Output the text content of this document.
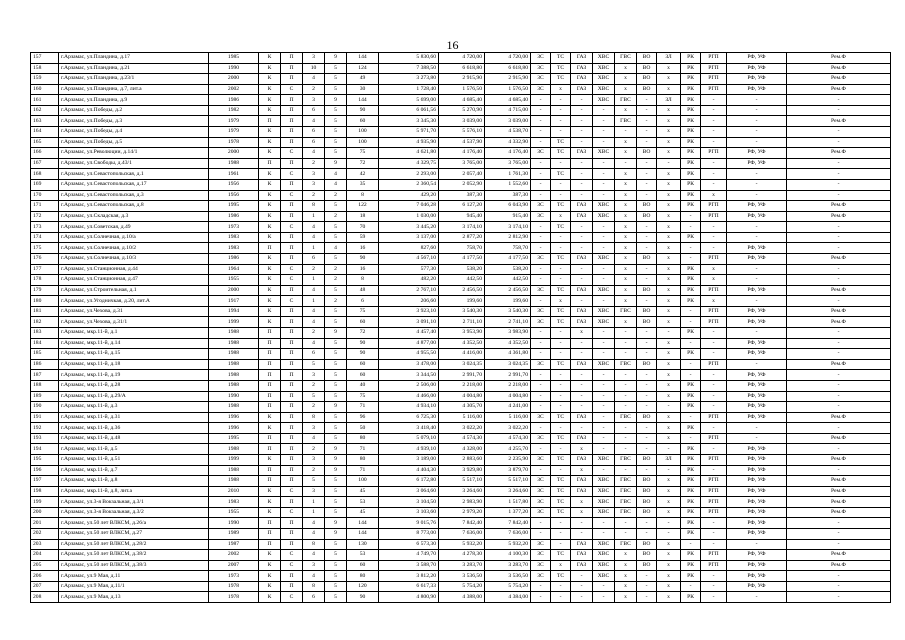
16
157	г.Арзамас, ул.Пландина, д.17	1985	К	П	3	9	144	5 830,60	4 720,00	4 720,00	ЗС	ТС	ГАЗ	ХВС	ГВС	ВО	ЗЛ	РК	РГП	РФ, УФ	Рем.Ф
158	г.Арзамас, ул.Пландина, д.21	1990	К	П	10	5	124	7 388,50	6 618,80	6 618,80	ЗС	ТС	ГАЗ	ХВС	х	ВО	х	РК	РГП	РФ, УФ	Рем.Ф
159	г.Арзамас, ул.Пландина, д.23/1	2000	К	П	4	5	49	3 273,80	2 915,90	2 915,90	ЗС	ТС	ГАЗ	ХВС	х	ВО	х	РК	РГП	РФ, УФ	Рем.Ф
160	г.Арзамас, ул.Пландина, д.7, лит.а	2002	К	С	2	5	30	1 728,40	1 576,50	1 576,50	ЗС	х	ГАЗ	ХВС	х	ВО	х	РК	РГП	РФ, УФ	Рем.Ф
161	г.Арзамас, ул.Пландина, д.9	1986	К	П	3	9	144	5 699,00	4 685,40	4 685,40	-	-	-	ХВС	ГВС	-	ЗЛ	РК	-	-	-
162	г.Арзамас, ул.Победы, д.2	1982	К	П	6	5	90	6 061,56	5 270,90	4 715,00	-	-	-	-	х	-	х	РК	-	-	-
163	г.Арзамас, ул.Победы, д.3	1979	П	П	4	5	60	3 345,30	3 039,00	3 039,00	-	-	-	-	ГВС	-	х	РК	-	-	Рем.Ф
164	г.Арзамас, ул.Победы, д.4	1979	К	П	6	5	100	5 971,70	5 576,10	4 538,70	-	-	-	-	-	-	х	РК	-	-	-
165	г.Арзамас, ул.Победы, д.5	1978	К	П	6	5	100	4 935,90	4 537,90	4 332,90	-	ТС	-	-	х	-	х	РК	-	-	-
166	г.Арзамас, ул.Революции, д.14/1	2000	К	С	4	5	75	4 621,80	4 176,40	4 176,40	ЗС	ТС	ГАЗ	ХВС	х	ВО	х	РК	РГП	РФ, УФ	Рем.Ф
167	г.Арзамас, ул.Свободы, д.43/1	1988	П	П	2	9	72	4 329,75	3 765,00	3 765,00	-	-	-	-	-	-	-	РК	-	РФ, УФ	-
168	г.Арзамас, ул.Севастопольская, д.1	1961	К	С	3	4	42	2 293,00	2 057,40	1 761,30	-	ТС	-	-	х	-	х	РК	-	-	-
169	г.Арзамас, ул.Севастопольская, д.17	1956	К	П	3	4	35	2 360,54	2 052,90	1 552,60	-	-	-	-	х	-	х	РК	-	-	-
170	г.Арзамас, ул.Севастопольская, д.3	1956	К	С	2	2	8	429,20	387,30	387,30	-	-	-	-	х	-	х	РК	х	-	-
171	г.Арзамас, ул.Севастопольская, д.8	1995	К	П	8	5	122	7 046,28	6 127,20	6 043,90	ЗС	ТС	ГАЗ	ХВС	х	ВО	х	РК	РГП	РФ, УФ	Рем.Ф
172	г.Арзамас, ул.Складская, д.3	1986	К	П	1	2	18	1 030,00	945,40	915,40	ЗС	х	ГАЗ	ХВС	х	ВО	х	-	РГП	РФ, УФ	Рем.Ф
173	г.Арзамас, ул.Советская, д.49	1973	К	С	4	5	70	3 445,20	3 174,10	3 174,10	-	ТС	-	-	х	-	х	-	-	-	-
174	г.Арзамас, ул.Солнечная, д.10/а	1983	К	П	4	5	59	3 137,00	2 877,20	2 812,90	-	-	-	-	х	-	х	РК	-	-	-
175	г.Арзамас, ул.Солнечная, д.10/2	1983	П	П	1	4	16	827,60	758,70	758,70	-	-	-	-	х	-	х	-	-	РФ, УФ	-
176	г.Арзамас, ул.Солнечная, д.10/3	1986	К	П	6	5	90	4 567,10	4 177,50	4 177,50	ЗС	ТС	ГАЗ	ХВС	х	ВО	х	-	РГП	РФ, УФ	Рем.Ф
177	г.Арзамас, ул.Станционная, д.44	1964	К	С	2	2	16	577,30	538,20	538,20	-	-	-	-	х	-	х	РК	х	-	-
178	г.Арзамас, ул.Станционная, д.47	1955	К	С	1	2	8	482,20	442,50	442,50	-	-	-	-	х	-	х	РК	х	-	-
179	г.Арзамас, ул.Строительная, д.1	2000	К	П	4	5	48	2 767,10	2 456,50	2 456,50	ЗС	ТС	ГАЗ	ХВС	х	ВО	х	РК	РГП	РФ, УФ	Рем.Ф
180	г.Арзамас, ул.Угодничкая, д.20, лит.А	1917	К	С	1	2	6	206,60	199,60	199,60	-	х	-	-	х	-	х	РК	х	-	-
181	г.Арзамас, ул.Чехова, д.31	1994	К	П	4	5	75	3 923,10	3 540,30	3 540,30	ЗС	ТС	ГАЗ	ХВС	ГВС	ВО	х	-	РГП	РФ, УФ	Рем.Ф
182	г.Арзамас, ул.Чехова, д.31/1	1999	К	П	4	5	60	3 091,10	2 711,10	2 741,10	ЗС	ТС	ГАЗ	ХВС	х	ВО	х	-	РГП	РФ, УФ	Рем.Ф
183	г.Арзамас, мкр.11-й, д.1	1988	П	П	2	9	72	4 457,40	3 953,90	3 983,90	-	-	х	-	-	-	-	РК	-	-	-
184	г.Арзамас, мкр.11-й, д.14	1988	П	П	4	5	90	4 877,00	4 352,50	4 352,50	-	-	-	-	-	-	х	-	-	РФ, УФ	-
185	г.Арзамас, мкр.11-й, д.15	1988	П	П	6	5	90	4 955,50	4 416,00	4 361,80	-	-	-	-	-	-	х	РК	-	РФ, УФ	-
186	г.Арзамас, мкр.11-й, д.18	1988	П	П	5	5	60	3 478,00	3 024,35	3 024,35	ЗС	ТС	ГАЗ	ХВС	ГВС	ВО	х	-	РГП	-	Рем.Ф
187	г.Арзамас, мкр.11-й, д.19	1988	П	П	3	5	60	3 344,50	2 991,70	2 991,70	-	-	-	-	-	-	х	-	-	РФ, УФ	-
188	г.Арзамас, мкр.11-й, д.28	1988	П	П	2	5	40	2 506,00	2 218,00	2 218,00	-	-	-	-	-	-	х	РК	-	РФ, УФ	-
189	г.Арзамас, мкр.11-й, д.29/А	1990	П	П	5	5	75	4 466,00	4 004,80	4 004,80	-	-	-	-	-	-	х	РК	-	РФ, УФ	-
190	г.Арзамас, мкр.11-й, д.3	1988	П	П	2	9	71	4 934,10	4 305,70	4 241,00	-	-	-	-	-	-	-	РК	-	РФ, УФ	-
191	г.Арзамас, мкр.11-й, д.31	1996	К	П	8	5	96	6 725,30	5 116,00	5 116,00	ЗС	ТС	ГАЗ	-	ГВС	ВО	х	-	РГП	РФ, УФ	Рем.Ф
192	г.Арзамас, мкр.11-й, д.36	1996	К	П	3	5	50	3 418,40	3 022,20	3 022,20	-	-	-	-	-	-	х	РК	-	-	-
193	г.Арзамас, мкр.11-й, д.48	1995	П	П	4	5	80	5 079,10	4 574,30	4 574,30	ЗС	ТС	ГАЗ	-	-	-	х	-	РГП	-	Рем.Ф
194	г.Арзамас, мкр.11-й, д.5	1988	П	П	2	9	71	4 939,10	4 328,00	4 255,70	-	-	х	-	-	-	-	РК	-	РФ, УФ	-
195	г.Арзамас, мкр.11-й, д.51	1999	К	П	3	9	80	3 189,00	2 883,60	2 235,90	ЗС	ТС	ГАЗ	ХВС	ГВС	ВО	ЗЛ	РК	РГП	РФ, УФ	Рем.Ф
196	г.Арзамас, мкр.11-й, д.7	1988	П	П	2	9	71	4 404,30	3 929,80	3 879,70	-	-	х	-	-	-	-	РК	-	РФ, УФ	-
197	г.Арзамас, мкр.11-й, д.8	1988	П	П	5	5	100	6 172,80	5 517,10	5 517,10	ЗС	ТС	ГАЗ	ХВС	ГВС	ВО	х	РК	РГП	РФ, УФ	Рем.Ф
198	г.Арзамас, мкр.11-й, д.8, лит.а	2010	К	С	3	5	45	3 064,60	3 264,60	3 264,60	ЗС	ТС	ГАЗ	ХВС	ГВС	ВО	х	РК	РГП	РФ, УФ	Рем.Ф
199	г.Арзамас, ул.3-я Вокзальная, д.3/1	1983	К	П	1	5	53	3 104,50	2 983,90	1 517,80	ЗС	ТС	х	ХВС	ГВС	ВО	х	РК	РГП	РФ, УФ	Рем.Ф
200	г.Арзамас, ул.3-я Вокзальная, д.3/2	1955	К	С	1	5	45	3 103,60	2 979,20	1 377,20	ЗС	ТС	х	ХВС	ГВС	ВО	х	РК	РГП	РФ, УФ	Рем.Ф
201	г.Арзамас, ул.50 лет ВЛКСМ, д.26/а	1990	П	П	4	9	144	9 015,76	7 842,40	7 842,40	-	-	-	-	-	-	-	РК	-	РФ, УФ	-
202	г.Арзамас, ул.50 лет ВЛКСМ, д.27	1989	П	П	4	9	144	8 773,00	7 636,00	7 636,00	-	-	-	-	-	-	-	РК	-	РФ, УФ	-
203	г.Арзамас, ул.50 лет ВЛКСМ, д.28/2	1987	П	П	8	5	130	6 573,30	5 932,20	5 932,20	ЗС	-	ГАЗ	ХВС	ГВС	ВО	х	-	-	-	-
204	г.Арзамас, ул.50 лет ВЛКСМ, д.38/2	2002	К	С	4	5	53	4 749,70	4 278,30	4 100,30	ЗС	ТС	ГАЗ	ХВС	х	ВО	х	РК	РГП	РФ, УФ	Рем.Ф
205	г.Арзамас, ул.50 лет ВЛКСМ, д.38/3	2007	К	С	3	5	60	3 588,70	3 283,70	3 283,70	ЗС	х	ГАЗ	ХВС	х	ВО	х	РК	РГП	РФ, УФ	Рем.Ф
206	г.Арзамас, ул.9 Мая, д.11	1973	К	П	4	5	80	3 812,20	3 536,50	3 536,50	ЗС	ТС	-	ХВС	х	-	х	РК	-	РФ, УФ	-
207	г.Арзамас, ул.9 Мая, д.11/1	1978	К	П	8	5	120	6 617,33	5 754,20	5 754,20	-	-	-	-	х	-	х	-	-	РФ, УФ	-
208	г.Арзамас, ул.9 Мая, д.13	1978	К	С	6	5	90	4 800,90	4 388,00	4 384,00	-	-	-	-	х	-	х	РК	-	-	-
